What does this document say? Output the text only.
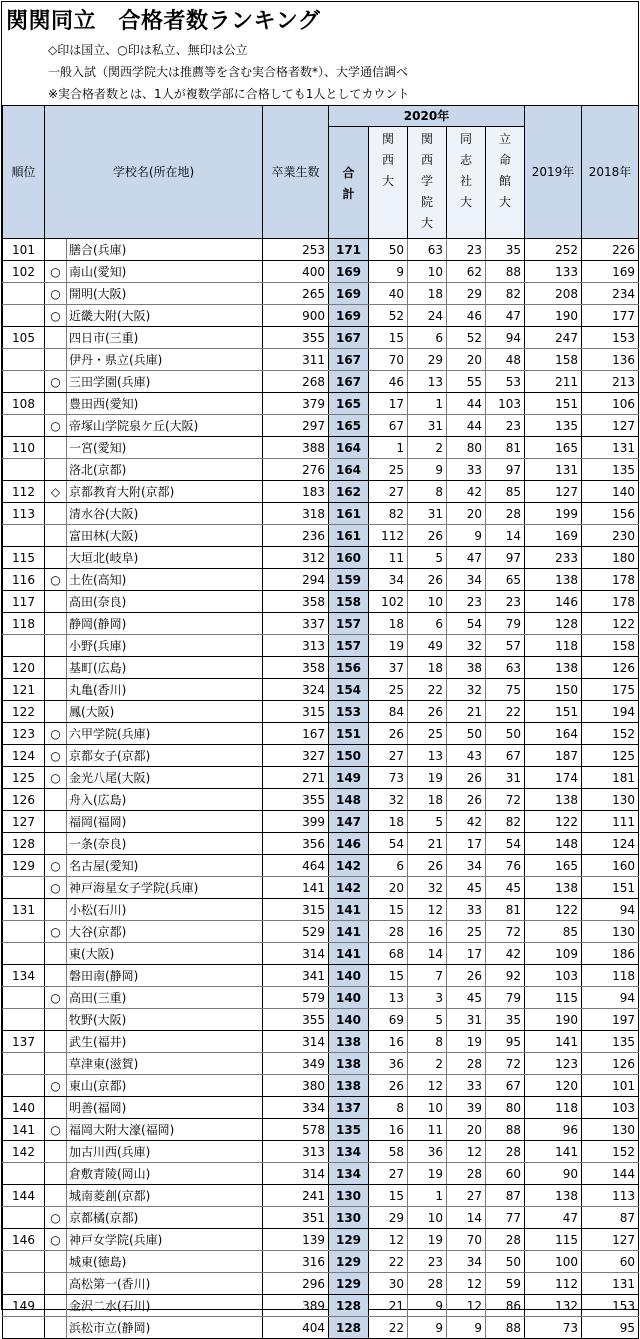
関関同立　合格者数ランキング
◇印は国立、○印は私立、無印は公立
一般入試（関西学院大は推薦等を含む実合格者数*）、大学通信調べ
※実合格者数とは、1人が複数学部に合格しても1人としてカウント
順位	学校名(所在地)		卒業生数	2020年					2019年	2018年
				合計	関西大	関西学院大	同志社大	立命館大		
101		膳合(兵庫)	253	171	50	63	23	35	252	226
102	○	南山(愛知)	400	169	9	10	62	88	133	169
	○	開明(大阪)	265	169	40	18	29	82	208	234
	○	近畿大附(大阪)	900	169	52	24	46	47	190	177
105		四日市(三重)	355	167	15	6	52	94	247	153
		伊丹・県立(兵庫)	311	167	70	29	20	48	158	136
	○	三田学園(兵庫)	268	167	46	13	55	53	211	213
108		豊田西(愛知)	379	165	17	1	44	103	151	106
	○	帝塚山学院泉ケ丘(大阪)	297	165	67	31	44	23	135	127
110		一宮(愛知)	388	164	1	2	80	81	165	131
		洛北(京都)	276	164	25	9	33	97	131	135
112	◇	京都教育大附(京都)	183	162	27	8	42	85	127	140
113		清水谷(大阪)	318	161	82	31	20	28	199	156
		富田林(大阪)	236	161	112	26	9	14	169	230
115		大垣北(岐阜)	312	160	11	5	47	97	233	180
116	○	土佐(高知)	294	159	34	26	34	65	138	178
117		高田(奈良)	358	158	102	10	23	23	146	178
118		静岡(静岡)	337	157	18	6	54	79	128	122
		小野(兵庫)	313	157	19	49	32	57	118	158
120		基町(広島)	358	156	37	18	38	63	138	126
121		丸亀(香川)	324	154	25	22	32	75	150	175
122		鳳(大阪)	315	153	84	26	21	22	151	194
123	○	六甲学院(兵庫)	167	151	26	25	50	50	164	152
124	○	京都女子(京都)	327	150	27	13	43	67	187	125
125	○	金光八尾(大阪)	271	149	73	19	26	31	174	181
126		舟入(広島)	355	148	32	18	26	72	138	130
127		福岡(福岡)	399	147	18	5	42	82	122	111
128		一条(奈良)	356	146	54	21	17	54	148	124
129	○	名古屋(愛知)	464	142	6	26	34	76	165	160
	○	神戸海星女子学院(兵庫)	141	142	20	32	45	45	138	151
131		小松(石川)	315	141	15	12	33	81	122	94
	○	大谷(京都)	529	141	28	16	25	72	85	130
		東(大阪)	314	141	68	14	17	42	109	186
134		磐田南(静岡)	341	140	15	7	26	92	103	118
	○	高田(三重)	579	140	13	3	45	79	115	94
		牧野(大阪)	355	140	69	5	31	35	190	197
137		武生(福井)	314	138	16	8	19	95	141	135
		草津東(滋賀)	349	138	36	2	28	72	123	126
	○	東山(京都)	380	138	26	12	33	67	120	101
140		明善(福岡)	334	137	8	10	39	80	118	103
141	○	福岡大附大濠(福岡)	578	135	16	11	20	88	96	130
142		加古川西(兵庫)	313	134	58	36	12	28	141	152
		倉敷青陵(岡山)	314	134	27	19	28	60	90	144
144		城南菱創(京都)	241	130	15	1	27	87	138	113
	○	京都橘(京都)	351	130	29	10	14	77	47	87
146	○	神戸女学院(兵庫)	139	129	12	19	70	28	115	127
		城東(徳島)	316	129	22	23	34	50	100	60
		高松第一(香川)	296	129	30	28	12	59	112	131
149		金沢二水(石川)	389	128	21	9	12	86	132	153
		浜松市立(静岡)	404	128	22	9	9	88	73	95
